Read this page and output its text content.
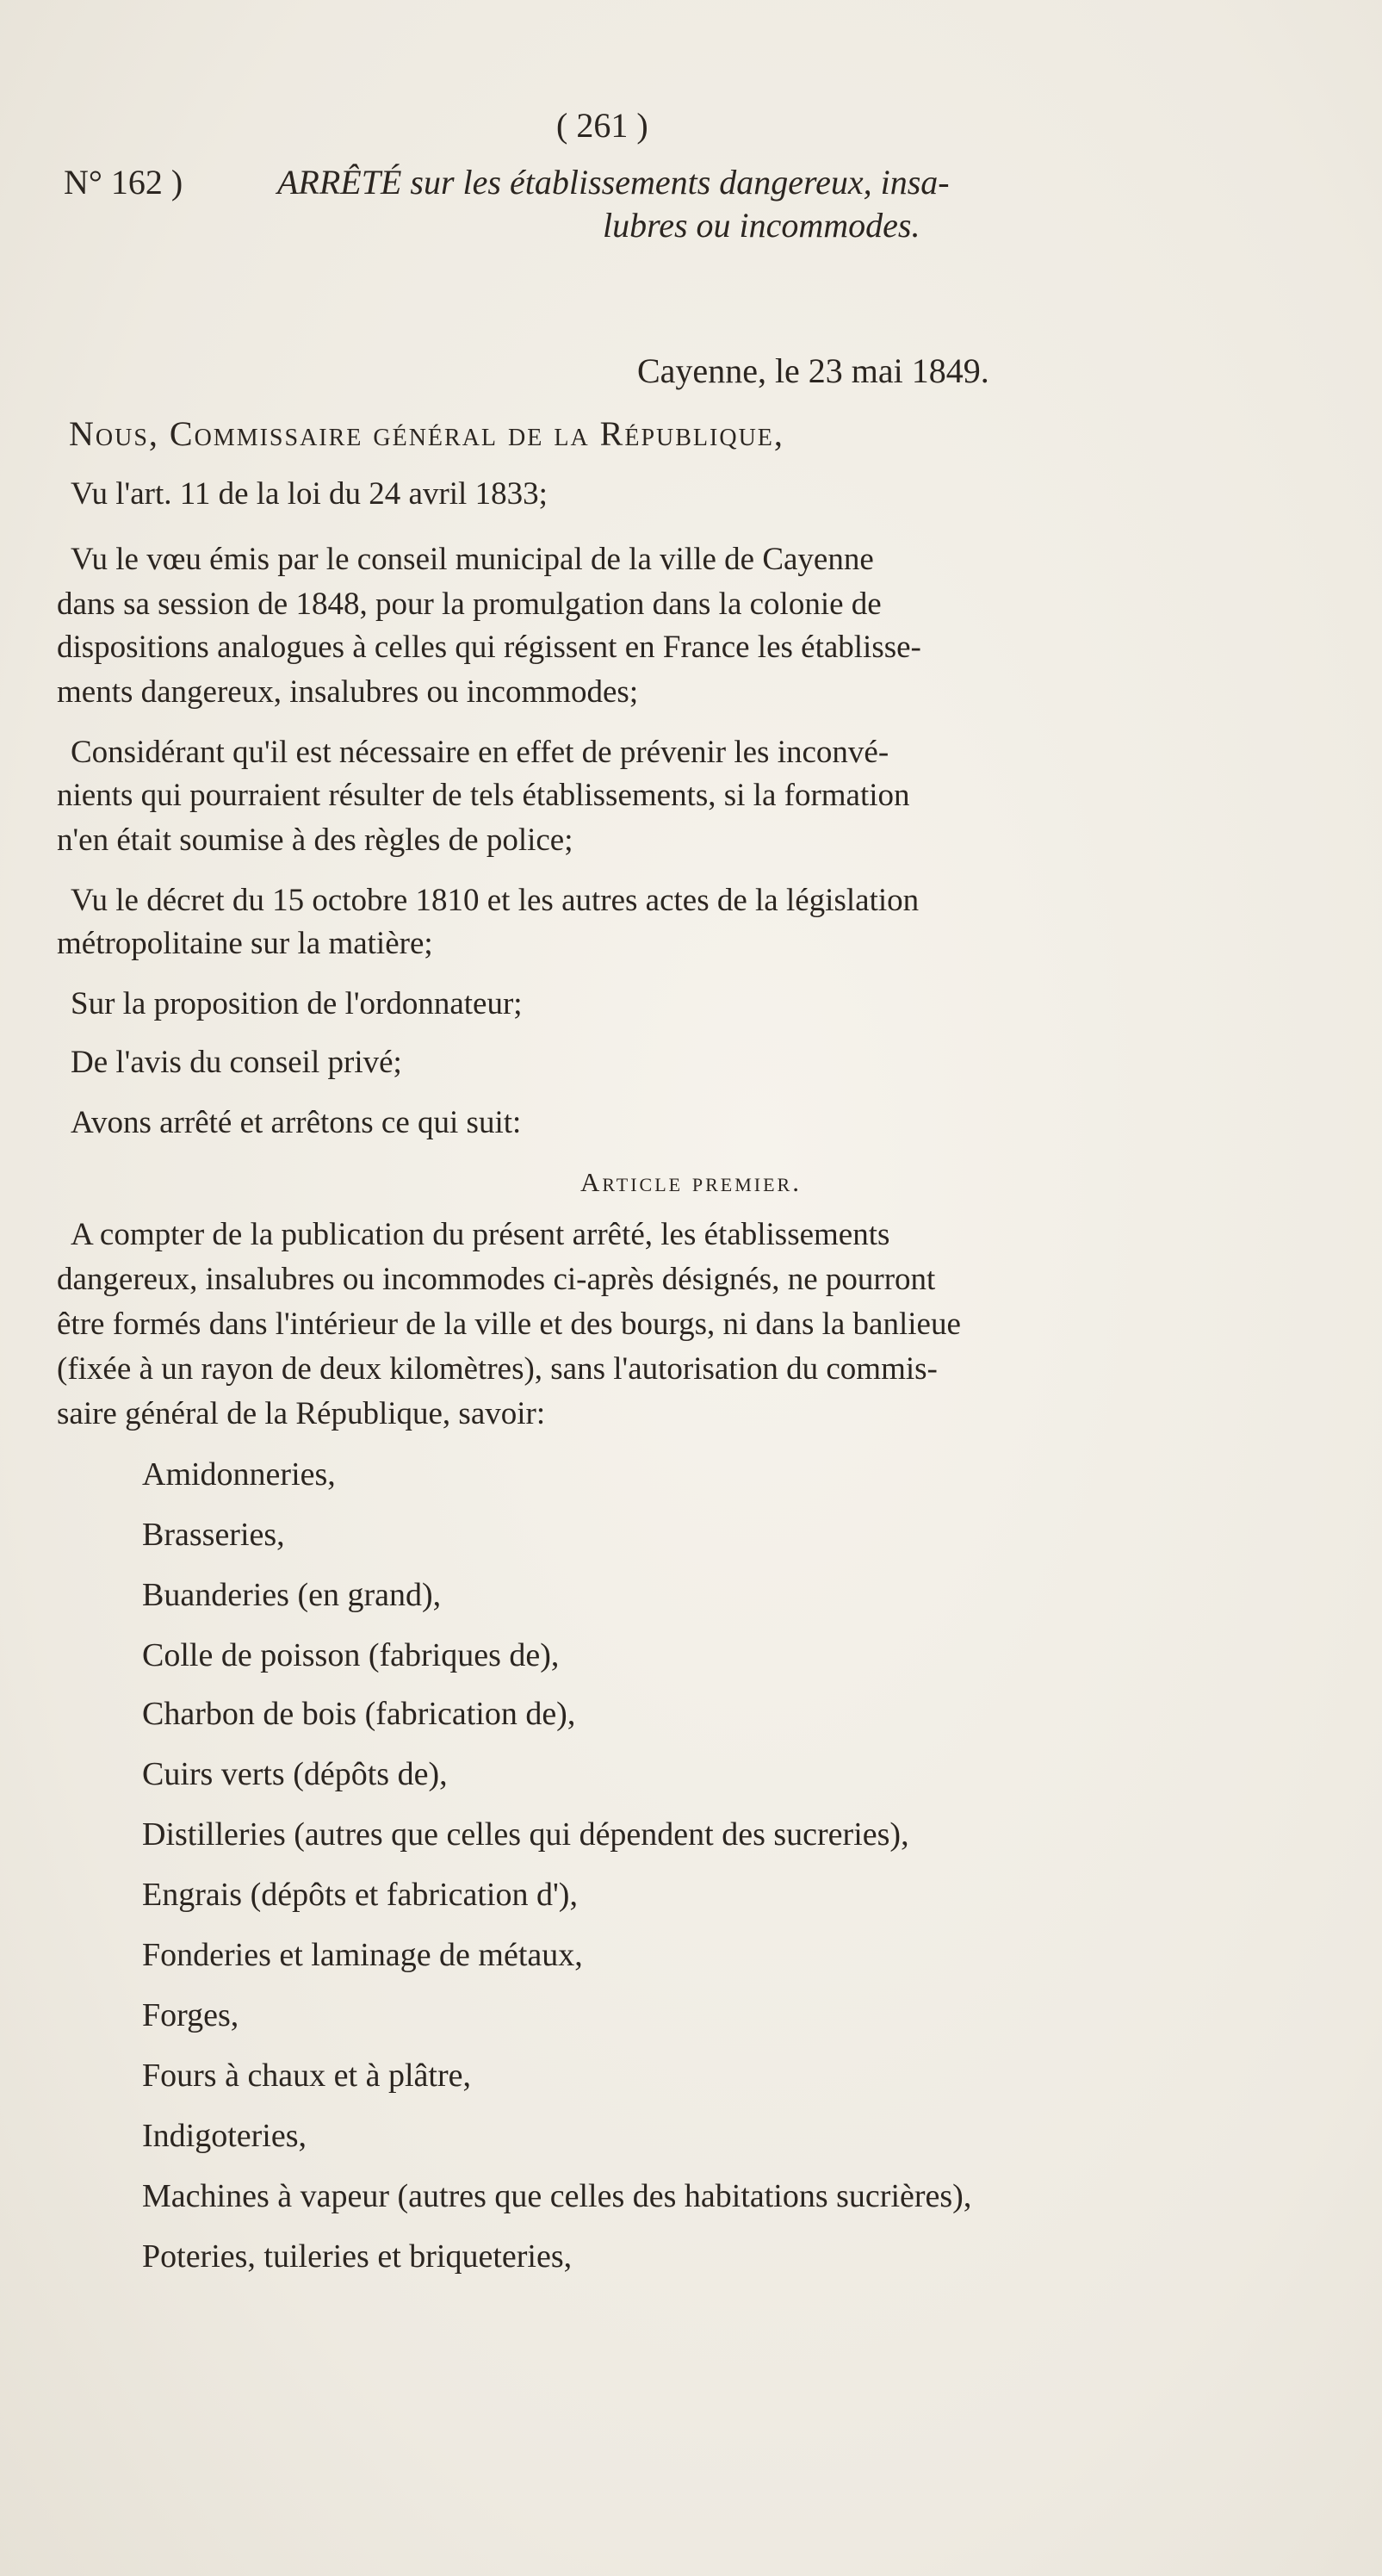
( 261 )
N° 162 )	ARRÊTÉ sur les établissements dangereux, insa-
lubres ou incommodes.
Cayenne, le 23 mai 1849.
Nous, Commissaire général de la République,
Vu l'art. 11 de la loi du 24 avril 1833;
Vu le vœu émis par le conseil municipal de la ville de Cayenne
dans sa session de 1848, pour la promulgation dans la colonie de
dispositions analogues à celles qui régissent en France les établisse-
ments dangereux, insalubres ou incommodes;
Considérant qu'il est nécessaire en effet de prévenir les inconvé-
nients qui pourraient résulter de tels établissements, si la formation
n'en était soumise à des règles de police;
Vu le décret du 15 octobre 1810 et les autres actes de la législation
métropolitaine sur la matière;
Sur la proposition de l'ordonnateur;
De l'avis du conseil privé;
Avons arrêté et arrêtons ce qui suit:
Article premier.
A compter de la publication du présent arrêté, les établissements
dangereux, insalubres ou incommodes ci-après désignés, ne pourront
être formés dans l'intérieur de la ville et des bourgs, ni dans la banlieue
(fixée à un rayon de deux kilomètres), sans l'autorisation du commis-
saire général de la République, savoir:
Amidonneries,
Brasseries,
Buanderies (en grand),
Colle de poisson (fabriques de),
Charbon de bois (fabrication de),
Cuirs verts (dépôts de),
Distilleries (autres que celles qui dépendent des sucreries),
Engrais (dépôts et fabrication d'),
Fonderies et laminage de métaux,
Forges,
Fours à chaux et à plâtre,
Indigoteries,
Machines à vapeur (autres que celles des habitations sucrières),
Poteries, tuileries et briqueteries,
